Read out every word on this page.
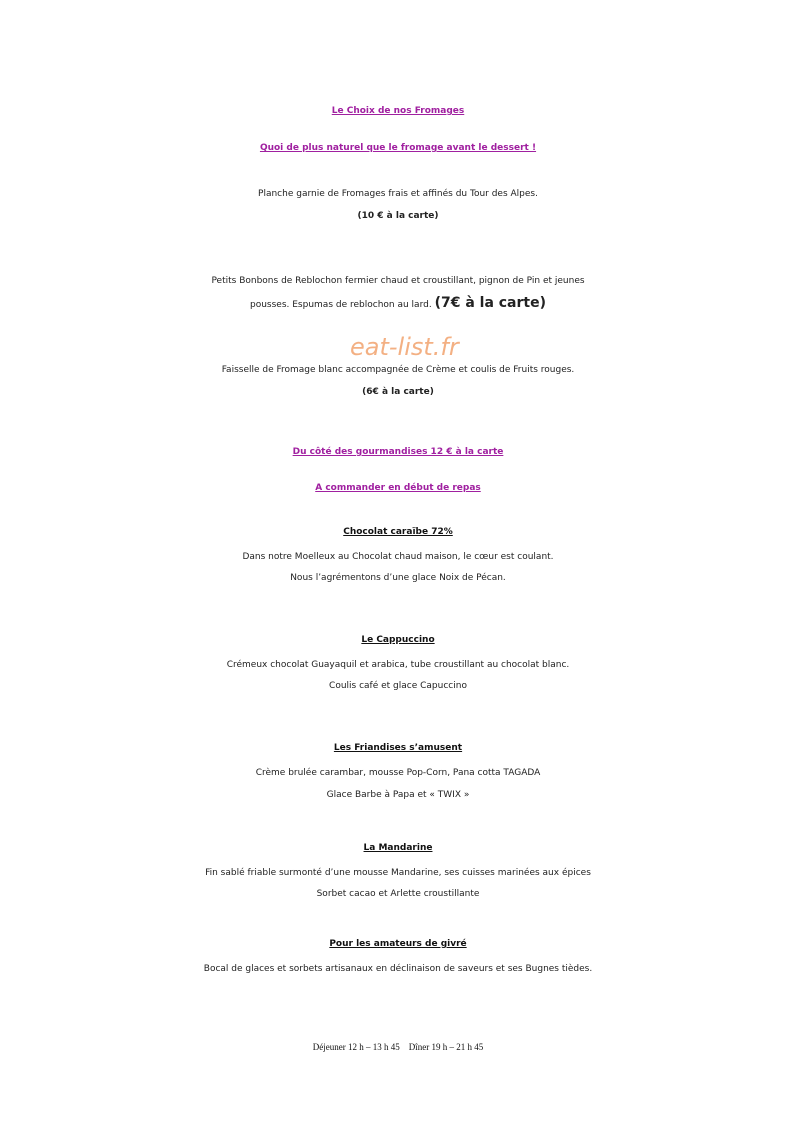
Le Choix de nos Fromages
Quoi de plus naturel que le fromage avant le dessert !
Planche garnie de Fromages frais et affinés du Tour des Alpes.
(10 € à la carte)
Petits Bonbons de Reblochon fermier chaud et croustillant, pignon de Pin et jeunes
pousses. Espumas de reblochon au lard. (7€ à la carte)
eat-list.fr
Faisselle de Fromage blanc accompagnée de Crème et coulis de Fruits rouges.
(6€ à la carte)
Du côté des gourmandises 12 € à la carte
A commander en début de repas
Chocolat caraïbe 72%
Dans notre Moelleux au Chocolat chaud maison, le cœur est coulant.
Nous l’agrémentons d’une glace Noix de Pécan.
Le Cappuccino
Crémeux chocolat Guayaquil et arabica, tube croustillant au chocolat blanc.
Coulis café et glace Capuccino
Les Friandises s’amusent
Crème brulée carambar, mousse Pop-Corn, Pana cotta TAGADA
Glace Barbe à Papa et « TWIX »
La Mandarine
Fin sablé friable surmonté d’une mousse Mandarine, ses cuisses marinées aux épices
Sorbet cacao et Arlette croustillante
Pour les amateurs de givré
Bocal de glaces et sorbets artisanaux en déclinaison de saveurs et ses Bugnes tièdes.
Déjeuner 12 h – 13 h 45    Dîner 19 h – 21 h 45
